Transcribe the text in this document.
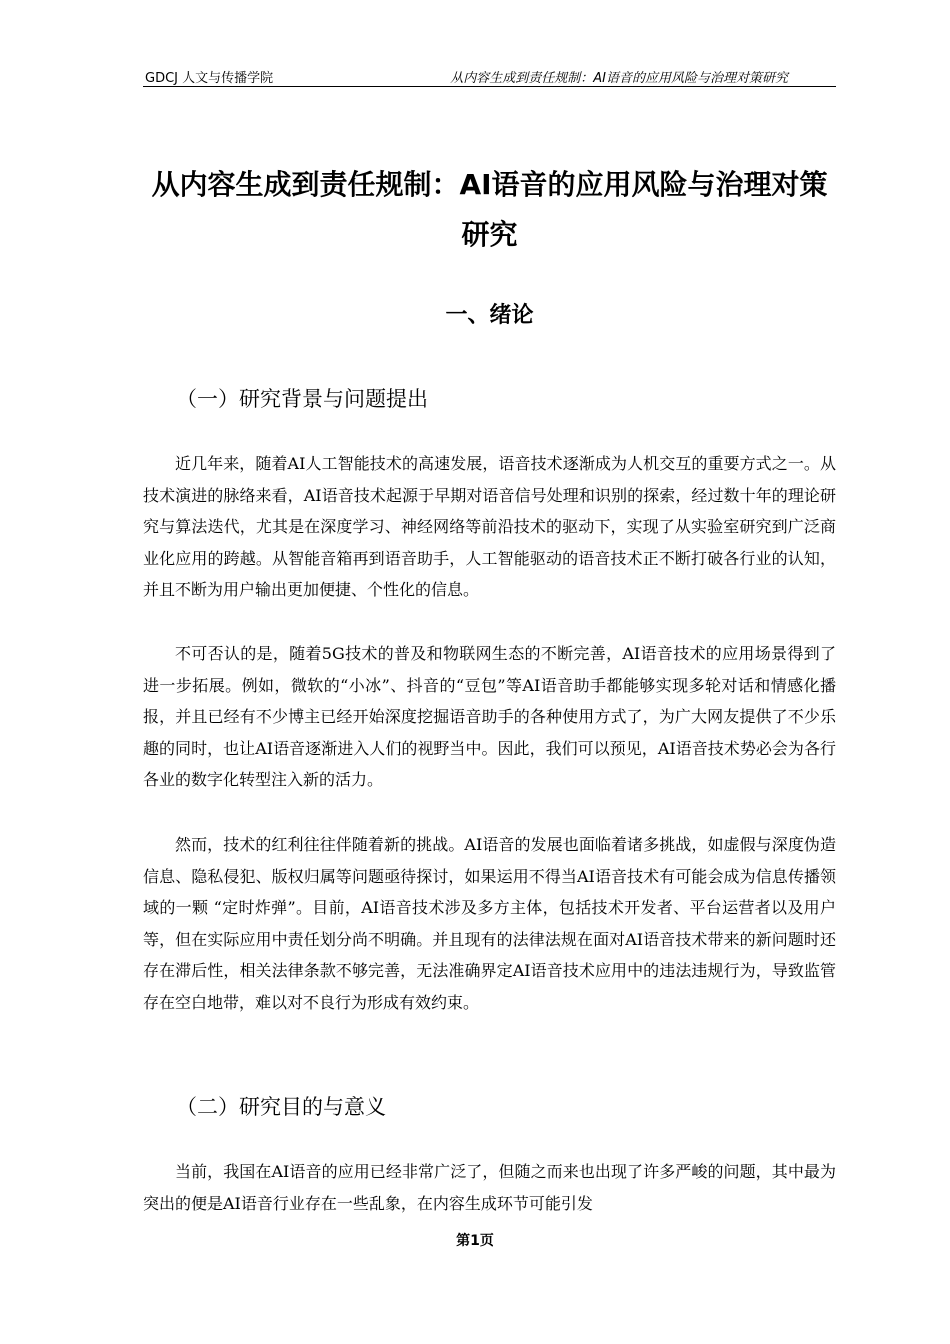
GDCJ 人文与传播学院	从内容生成到责任规制：AI语音的应用风险与治理对策研究
从内容生成到责任规制：AI语音的应用风险与治理对策研究
一、绪论
（一）研究背景与问题提出

近几年来，随着AI人工智能技术的高速发展，语音技术逐渐成为人机交互的重要方式之一。从技术演进的脉络来看，AI语音技术起源于早期对语音信号处理和识别的探索，经过数十年的理论研究与算法迭代，尤其是在深度学习、神经网络等前沿技术的驱动下，实现了从实验室研究到广泛商业化应用的跨越。从智能音箱再到语音助手，人工智能驱动的语音技术正不断打破各行业的认知，并且不断为用户输出更加便捷、个性化的信息。

不可否认的是，随着5G技术的普及和物联网生态的不断完善，AI语音技术的应用场景得到了进一步拓展。例如，微软的“小冰”、抖音的“豆包”等AI语音助手都能够实现多轮对话和情感化播报，并且已经有不少博主已经开始深度挖掘语音助手的各种使用方式了，为广大网友提供了不少乐趣的同时，也让AI语音逐渐进入人们的视野当中。因此，我们可以预见，AI语音技术势必会为各行各业的数字化转型注入新的活力。

然而，技术的红利往往伴随着新的挑战。AI语音的发展也面临着诸多挑战，如虚假与深度伪造信息、隐私侵犯、版权归属等问题亟待探讨，如果运用不得当AI语音技术有可能会成为信息传播领域的一颗 “定时炸弹”。目前，AI语音技术涉及多方主体，包括技术开发者、平台运营者以及用户等，但在实际应用中责任划分尚不明确。并且现有的法律法规在面对AI语音技术带来的新问题时还存在滞后性，相关法律条款不够完善，无法准确界定AI语音技术应用中的违法违规行为，导致监管存在空白地带，难以对不良行为形成有效约束。

（二）研究目的与意义

当前，我国在AI语音的应用已经非常广泛了，但随之而来也出现了许多严峻的问题，其中最为突出的便是AI语音行业存在一些乱象，在内容生成环节可能引发

第1页
